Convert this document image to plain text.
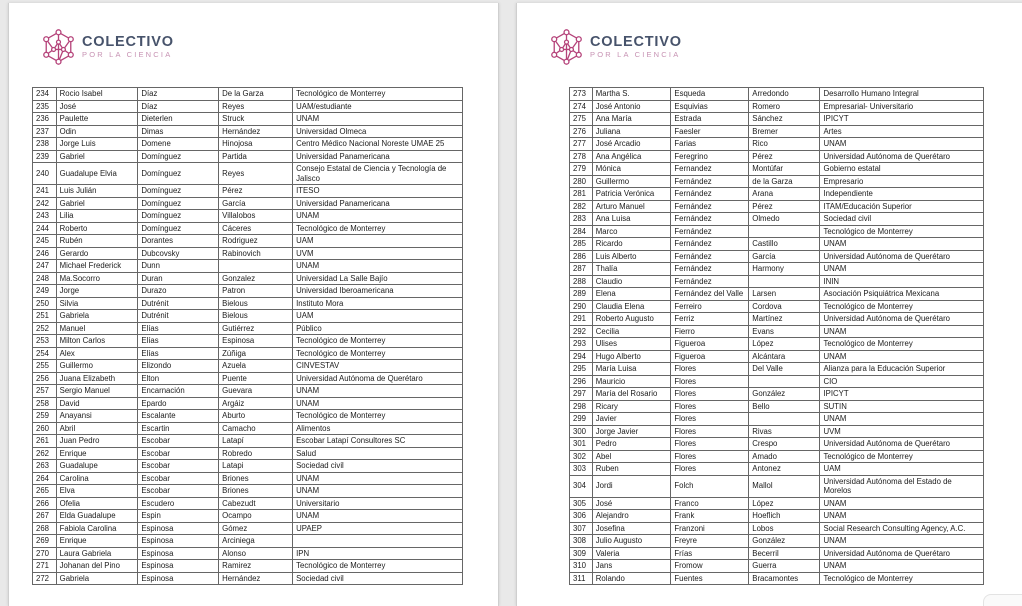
COLECTIVO
POR LA CIENCIA
234	Rocio Isabel	Díaz	De la Garza	Tecnológico de Monterrey
235	José	Díaz	Reyes	UAM/estudiante
236	Paulette	Dieterlen	Struck	UNAM
237	Odin	Dimas	Hernández	Universidad Olmeca
238	Jorge Luis	Domene	Hinojosa	Centro Médico Nacional Noreste UMAE 25
239	Gabriel	Domínguez	Partida	Universidad Panamericana
240	Guadalupe Elvia	Domínguez	Reyes	Consejo Estatal de Ciencia y Tecnología de Jalisco
241	Luis Julián	Domínguez	Pérez	ITESO
242	Gabriel	Domínguez	García	Universidad Panamericana
243	Lilia	Domínguez	Villalobos	UNAM
244	Roberto	Domínguez	Cáceres	Tecnológico de Monterrey
245	Rubén	Dorantes	Rodriguez	UAM
246	Gerardo	Dubcovsky	Rabinovich	UVM
247	Michael Frederick	Dunn		UNAM
248	Ma.Socorro	Duran	Gonzalez	Universidad La Salle Bajío
249	Jorge	Durazo	Patron	Universidad Iberoamericana
250	Silvia	Dutrénit	Bielous	Instituto Mora
251	Gabriela	Dutrénit	Bielous	UAM
252	Manuel	Elías	Gutiérrez	Público
253	Milton Carlos	Elías	Espinosa	Tecnológico de Monterrey
254	Alex	Elías	Zúñiga	Tecnológico de Monterrey
255	Guillermo	Elizondo	Azuela	CINVESTAV
256	Juana Elizabeth	Elton	Puente	Universidad Autónoma de Querétaro
257	Sergio Manuel	Encarnación	Guevara	UNAM
258	David	Epardo	Argáiz	UNAM
259	Anayansi	Escalante	Aburto	Tecnológico de Monterrey
260	Abril	Escartin	Camacho	Alimentos
261	Juan Pedro	Escobar	Latapí	Escobar Latapí Consultores SC
262	Enrique	Escobar	Robredo	Salud
263	Guadalupe	Escobar	Latapi	Sociedad civil
264	Carolina	Escobar	Briones	UNAM
265	Elva	Escobar	Briones	UNAM
266	Ofelia	Escudero	Cabezudt	Universitario
267	Elda Guadalupe	Espin	Ocampo	UNAM
268	Fabiola Carolina	Espinosa	Gómez	UPAEP
269	Enrique	Espinosa	Arciniega	
270	Laura Gabriela	Espinosa	Alonso	IPN
271	Johanan del Pino	Espinosa	Ramirez	Tecnológico de Monterrey
272	Gabriela	Espinosa	Hernández	Sociedad civil
COLECTIVO
POR LA CIENCIA
273	Martha S.	Esqueda	Arredondo	Desarrollo Humano Integral
274	José Antonio	Esquivias	Romero	Empresarial- Universitario
275	Ana María	Estrada	Sánchez	IPICYT
276	Juliana	Faesler	Bremer	Artes
277	José Arcadio	Farias	Rico	UNAM
278	Ana Angélica	Feregrino	Pérez	Universidad Autónoma de Querétaro
279	Mónica	Fernandez	Montúfar	Gobierno estatal
280	Guillermo	Fernández	de la Garza	Empresario
281	Patricia Verónica	Fernández	Arana	Independiente
282	Arturo Manuel	Fernández	Pérez	ITAM/Educación Superior
283	Ana Luisa	Fernández	Olmedo	Sociedad civil
284	Marco	Fernández		Tecnológico de Monterrey
285	Ricardo	Fernández	Castillo	UNAM
286	Luis Alberto	Fernández	García	Universidad Autónoma de Querétaro
287	Thalía	Fernández	Harmony	UNAM
288	Claudio	Fernández		ININ
289	Elena	Fernández del Valle	Larsen	Asociación Psiquiátrica Mexicana
290	Claudia Elena	Ferreiro	Cordova	Tecnológico de Monterrey
291	Roberto Augusto	Ferriz	Martínez	Universidad Autónoma de Querétaro
292	Cecilia	Fierro	Evans	UNAM
293	Ulises	Figueroa	López	Tecnológico de Monterrey
294	Hugo Alberto	Figueroa	Alcántara	UNAM
295	María Luisa	Flores	Del Valle	Alianza para la Educación Superior
296	Mauricio	Flores		CIO
297	María del Rosario	Flores	González	IPICYT
298	Ricary	Flores	Bello	SUTIN
299	Javier	Flores		UNAM
300	Jorge Javier	Flores	Rivas	UVM
301	Pedro	Flores	Crespo	Universidad Autónoma de Querétaro
302	Abel	Flores	Amado	Tecnológico de Monterrey
303	Ruben	Flores	Antonez	UAM
304	Jordi	Folch	Mallol	Universidad Autónoma del Estado de Morelos
305	José	Franco	López	UNAM
306	Alejandro	Frank	Hoeflich	UNAM
307	Josefina	Franzoni	Lobos	Social Research Consulting Agency, A.C.
308	Julio Augusto	Freyre	González	UNAM
309	Valeria	Frías	Becerril	Universidad Autónoma de Querétaro
310	Jans	Fromow	Guerra	UNAM
311	Rolando	Fuentes	Bracamontes	Tecnológico de Monterrey
